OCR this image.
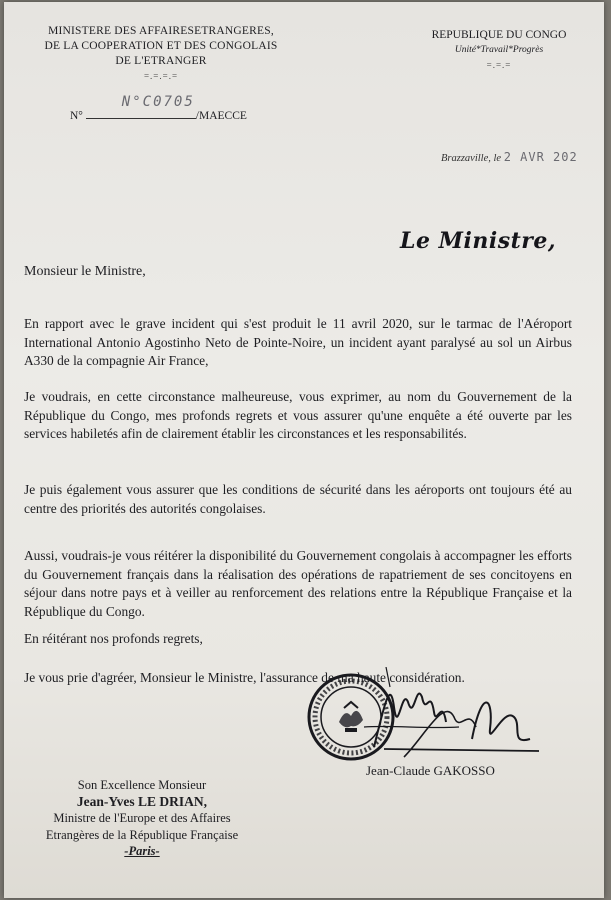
MINISTERE DES AFFAIRESETRANGERES,
DE LA COOPERATION ET DES CONGOLAIS
DE L'ETRANGER
=.=.=.=
REPUBLIQUE DU CONGO
Unité*Travail*Progrès
=.=.=
N°
N°C0705
/MAECCE
Brazzaville, le 2 AVR 202
Le Ministre,
Monsieur le Ministre,
En rapport avec le grave incident qui s'est produit le 11 avril 2020, sur le tarmac de l'Aéroport International Antonio Agostinho Neto de Pointe-Noire, un incident ayant paralysé au sol un Airbus A330 de la compagnie Air France,
Je voudrais, en cette circonstance malheureuse, vous exprimer, au nom du Gouvernement de la République du Congo, mes profonds regrets et vous assurer qu'une enquête a été ouverte par les services habiletés afin de clairement établir les circonstances et les responsabilités.
Je puis également vous assurer que les conditions de sécurité dans les aéroports ont toujours été au centre des priorités des autorités congolaises.
Aussi, voudrais-je vous réitérer la disponibilité du Gouvernement congolais à accompagner les efforts du Gouvernement français dans la réalisation des opérations de rapatriement de ses concitoyens en séjour dans notre pays et à veiller au renforcement des relations entre la République Française et la République du Congo.
En réitérant nos profonds regrets,
Je vous prie d'agréer, Monsieur le Ministre, l'assurance de ma haute considération.
Jean-Claude GAKOSSO
Son Excellence Monsieur
Jean-Yves LE DRIAN,
Ministre de l'Europe et des Affaires
Etrangères de la République Française
-Paris-
